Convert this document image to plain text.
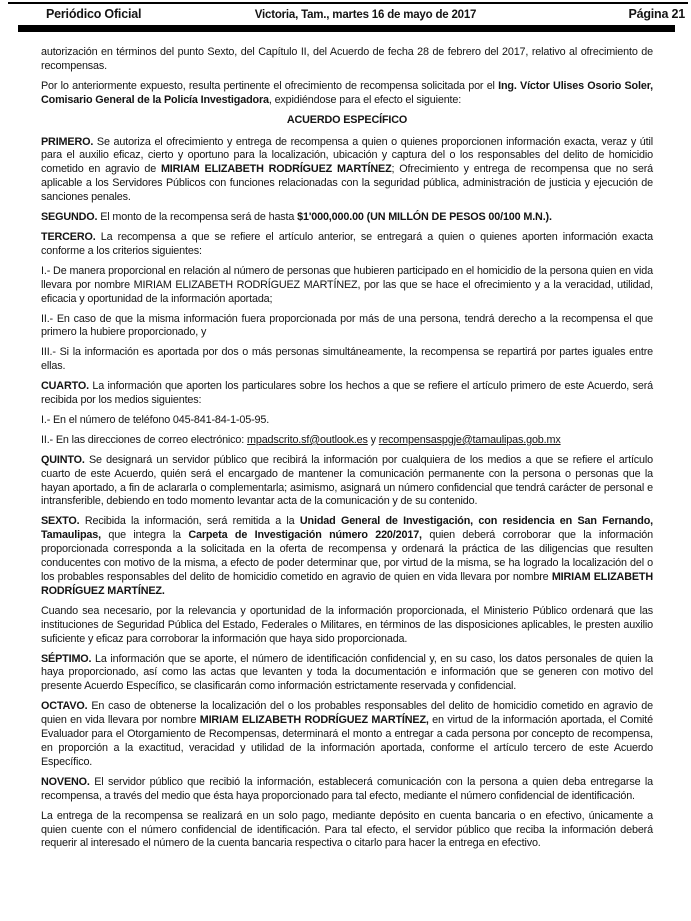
Periódico Oficial	Victoria, Tam., martes 16 de mayo de 2017	Página 21
autorización en términos del punto Sexto, del Capítulo II, del Acuerdo de fecha 28 de febrero del 2017, relativo al ofrecimiento de recompensas.
Por lo anteriormente expuesto, resulta pertinente el ofrecimiento de recompensa solicitada por el Ing. Víctor Ulises Osorio Soler, Comisario General de la Policía Investigadora, expidiéndose para el efecto el siguiente:
ACUERDO ESPECÍFICO
PRIMERO. Se autoriza el ofrecimiento y entrega de recompensa a quien o quienes proporcionen información exacta, veraz y útil para el auxilio eficaz, cierto y oportuno para la localización, ubicación y captura del o los responsables del delito de homicidio cometido en agravio de MIRIAM ELIZABETH RODRÍGUEZ MARTÍNEZ; Ofrecimiento y entrega de recompensa que no será aplicable a los Servidores Públicos con funciones relacionadas con la seguridad pública, administración de justicia y ejecución de sanciones penales.
SEGUNDO. El monto de la recompensa será de hasta $1'000,000.00 (UN MILLÓN DE PESOS 00/100 M.N.).
TERCERO. La recompensa a que se refiere el artículo anterior, se entregará a quien o quienes aporten información exacta conforme a los criterios siguientes:
I.- De manera proporcional en relación al número de personas que hubieren participado en el homicidio de la persona quien en vida llevara por nombre MIRIAM ELIZABETH RODRÍGUEZ MARTÍNEZ, por las que se hace el ofrecimiento y a la veracidad, utilidad, eficacia y oportunidad de la información aportada;
II.- En caso de que la misma información fuera proporcionada por más de una persona, tendrá derecho a la recompensa el que primero la hubiere proporcionado, y
III.- Si la información es aportada por dos o más personas simultáneamente, la recompensa se repartirá por partes iguales entre ellas.
CUARTO. La información que aporten los particulares sobre los hechos a que se refiere el artículo primero de este Acuerdo, será recibida por los medios siguientes:
I.- En el número de teléfono 045-841-84-1-05-95.
II.- En las direcciones de correo electrónico: mpadscrito.sf@outlook.es y recompensaspgje@tamaulipas.gob.mx
QUINTO. Se designará un servidor público que recibirá la información por cualquiera de los medios a que se refiere el artículo cuarto de este Acuerdo, quién será el encargado de mantener la comunicación permanente con la persona o personas que la hayan aportado, a fin de aclararla o complementarla; asimismo, asignará un número confidencial que tendrá carácter de personal e intransferible, debiendo en todo momento levantar acta de la comunicación y de su contenido.
SEXTO. Recibida la información, será remitida a la Unidad General de Investigación, con residencia en San Fernando, Tamaulipas, que integra la Carpeta de Investigación número 220/2017, quien deberá corroborar que la información proporcionada corresponda a la solicitada en la oferta de recompensa y ordenará la práctica de las diligencias que resulten conducentes con motivo de la misma, a efecto de poder determinar que, por virtud de la misma, se ha logrado la localización del o los probables responsables del delito de homicidio cometido en agravio de quien en vida llevara por nombre MIRIAM ELIZABETH RODRÍGUEZ MARTÍNEZ.
Cuando sea necesario, por la relevancia y oportunidad de la información proporcionada, el Ministerio Público ordenará que las instituciones de Seguridad Pública del Estado, Federales o Militares, en términos de las disposiciones aplicables, le presten auxilio suficiente y eficaz para corroborar la información que haya sido proporcionada.
SÉPTIMO. La información que se aporte, el número de identificación confidencial y, en su caso, los datos personales de quien la haya proporcionado, así como las actas que levanten y toda la documentación e información que se generen con motivo del presente Acuerdo Específico, se clasificarán como información estrictamente reservada y confidencial.
OCTAVO. En caso de obtenerse la localización del o los probables responsables del delito de homicidio cometido en agravio de quien en vida llevara por nombre MIRIAM ELIZABETH RODRÍGUEZ MARTÍNEZ, en virtud de la información aportada, el Comité Evaluador para el Otorgamiento de Recompensas, determinará el monto a entregar a cada persona por concepto de recompensa, en proporción a la exactitud, veracidad y utilidad de la información aportada, conforme el artículo tercero de este Acuerdo Específico.
NOVENO. El servidor público que recibió la información, establecerá comunicación con la persona a quien deba entregarse la recompensa, a través del medio que ésta haya proporcionado para tal efecto, mediante el número confidencial de identificación.
La entrega de la recompensa se realizará en un solo pago, mediante depósito en cuenta bancaria o en efectivo, únicamente a quien cuente con el número confidencial de identificación. Para tal efecto, el servidor público que reciba la información deberá requerir al interesado el número de la cuenta bancaria respectiva o citarlo para hacer la entrega en efectivo.
